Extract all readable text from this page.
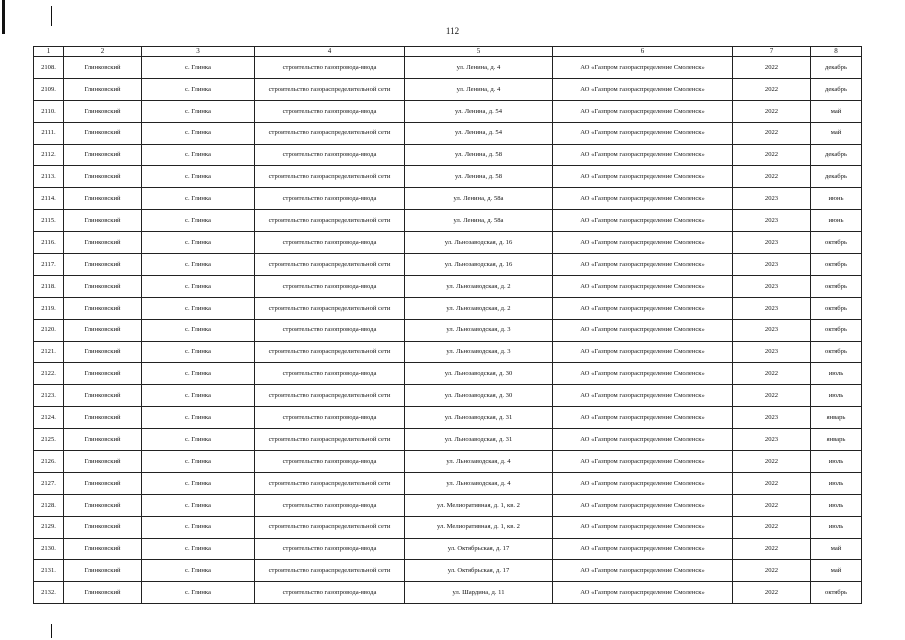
112
1	2	3	4	5	6	7	8
2108.	Глинковский	с. Глинка	строительство газопровода-ввода	ул. Ленина, д. 4	АО «Газпром газораспределение Смоленск»	2022	декабрь
2109.	Глинковский	с. Глинка	строительство газораспределительной сети	ул. Ленина, д. 4	АО «Газпром газораспределение Смоленск»	2022	декабрь
2110.	Глинковский	с. Глинка	строительство газопровода-ввода	ул. Ленина, д. 54	АО «Газпром газораспределение Смоленск»	2022	май
2111.	Глинковский	с. Глинка	строительство газораспределительной сети	ул. Ленина, д. 54	АО «Газпром газораспределение Смоленск»	2022	май
2112.	Глинковский	с. Глинка	строительство газопровода-ввода	ул. Ленина, д. 58	АО «Газпром газораспределение Смоленск»	2022	декабрь
2113.	Глинковский	с. Глинка	строительство газораспределительной сети	ул. Ленина, д. 58	АО «Газпром газораспределение Смоленск»	2022	декабрь
2114.	Глинковский	с. Глинка	строительство газопровода-ввода	ул. Ленина, д. 58а	АО «Газпром газораспределение Смоленск»	2023	июнь
2115.	Глинковский	с. Глинка	строительство газораспределительной сети	ул. Ленина, д. 58а	АО «Газпром газораспределение Смоленск»	2023	июнь
2116.	Глинковский	с. Глинка	строительство газопровода-ввода	ул. Льнозаводская, д. 16	АО «Газпром газораспределение Смоленск»	2023	октябрь
2117.	Глинковский	с. Глинка	строительство газораспределительной сети	ул. Льнозаводская, д. 16	АО «Газпром газораспределение Смоленск»	2023	октябрь
2118.	Глинковский	с. Глинка	строительство газопровода-ввода	ул. Льнозаводская, д. 2	АО «Газпром газораспределение Смоленск»	2023	октябрь
2119.	Глинковский	с. Глинка	строительство газораспределительной сети	ул. Льнозаводская, д. 2	АО «Газпром газораспределение Смоленск»	2023	октябрь
2120.	Глинковский	с. Глинка	строительство газопровода-ввода	ул. Льнозаводская, д. 3	АО «Газпром газораспределение Смоленск»	2023	октябрь
2121.	Глинковский	с. Глинка	строительство газораспределительной сети	ул. Льнозаводская, д. 3	АО «Газпром газораспределение Смоленск»	2023	октябрь
2122.	Глинковский	с. Глинка	строительство газопровода-ввода	ул. Льнозаводская, д. 30	АО «Газпром газораспределение Смоленск»	2022	июль
2123.	Глинковский	с. Глинка	строительство газораспределительной сети	ул. Льнозаводская, д. 30	АО «Газпром газораспределение Смоленск»	2022	июль
2124.	Глинковский	с. Глинка	строительство газопровода-ввода	ул. Льнозаводская, д. 31	АО «Газпром газораспределение Смоленск»	2023	январь
2125.	Глинковский	с. Глинка	строительство газораспределительной сети	ул. Льнозаводская, д. 31	АО «Газпром газораспределение Смоленск»	2023	январь
2126.	Глинковский	с. Глинка	строительство газопровода-ввода	ул. Льнозаводская, д. 4	АО «Газпром газораспределение Смоленск»	2022	июль
2127.	Глинковский	с. Глинка	строительство газораспределительной сети	ул. Льнозаводская, д. 4	АО «Газпром газораспределение Смоленск»	2022	июль
2128.	Глинковский	с. Глинка	строительство газопровода-ввода	ул. Мелиоративная, д. 1, кв. 2	АО «Газпром газораспределение Смоленск»	2022	июль
2129.	Глинковский	с. Глинка	строительство газораспределительной сети	ул. Мелиоративная, д. 1, кв. 2	АО «Газпром газораспределение Смоленск»	2022	июль
2130.	Глинковский	с. Глинка	строительство газопровода-ввода	ул. Октябрьская, д. 17	АО «Газпром газораспределение Смоленск»	2022	май
2131.	Глинковский	с. Глинка	строительство газораспределительной сети	ул. Октябрьская, д. 17	АО «Газпром газораспределение Смоленск»	2022	май
2132.	Глинковский	с. Глинка	строительство газопровода-ввода	ул. Шардина, д. 11	АО «Газпром газораспределение Смоленск»	2022	октябрь
